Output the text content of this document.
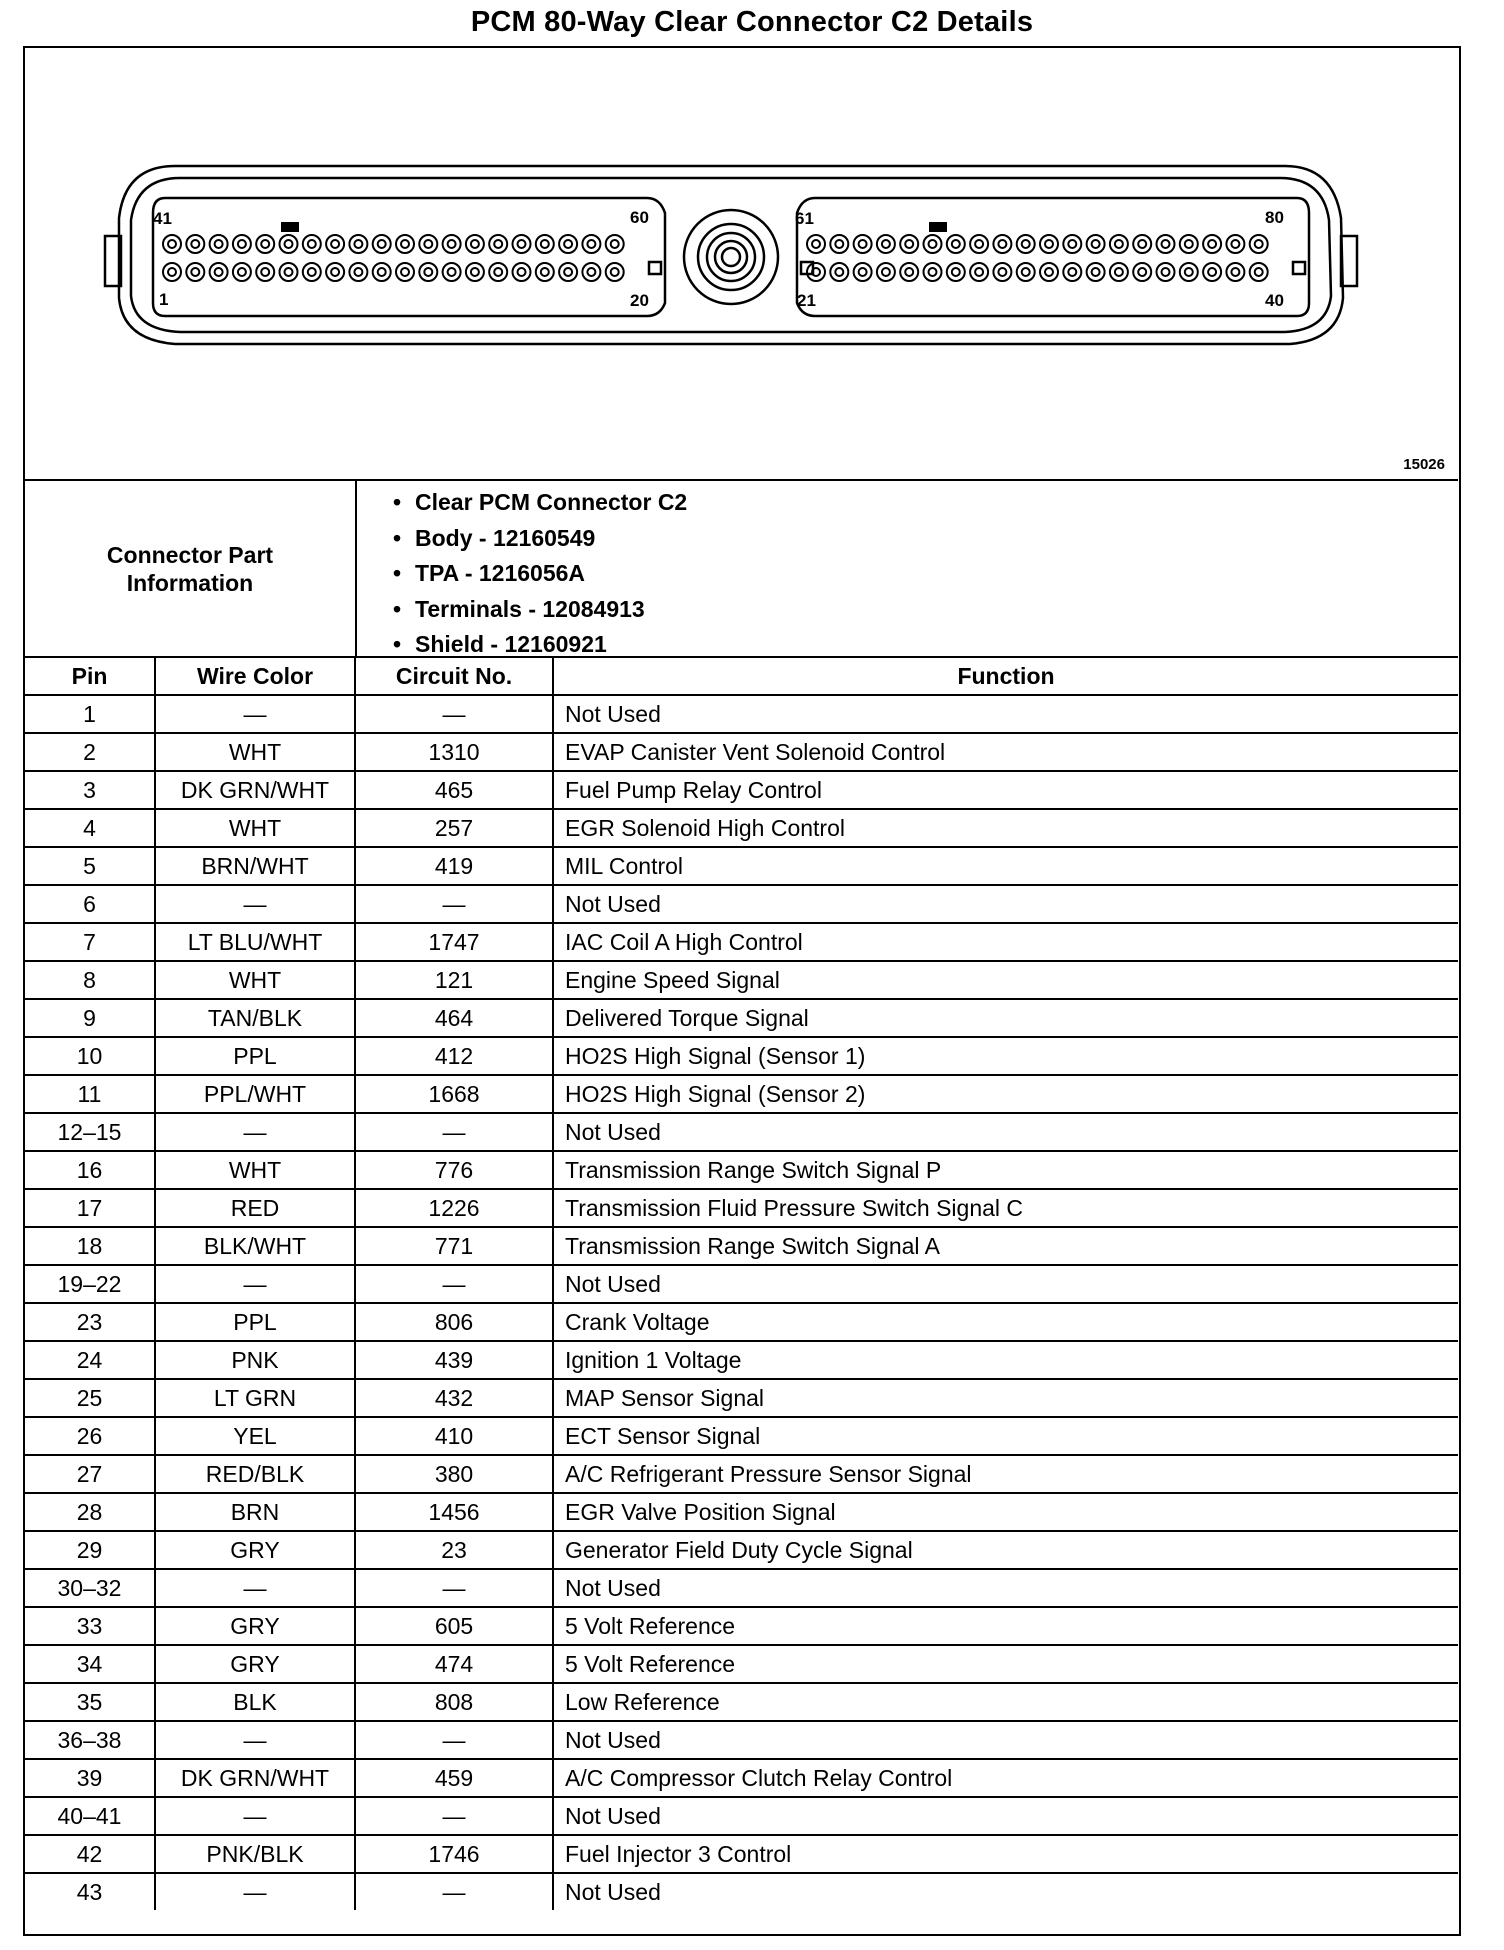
PCM 80-Way Clear Connector C2 Details
41	60
1	20
61	80
21	40
15026
Connector Part
Information
• Clear PCM Connector C2
• Body - 12160549
• TPA - 1216056A
• Terminals - 12084913
• Shield - 12160921
Pin	Wire Color	Circuit No.	Function
1	—	—	Not Used
2	WHT	1310	EVAP Canister Vent Solenoid Control
3	DK GRN/WHT	465	Fuel Pump Relay Control
4	WHT	257	EGR Solenoid High Control
5	BRN/WHT	419	MIL Control
6	—	—	Not Used
7	LT BLU/WHT	1747	IAC Coil A High Control
8	WHT	121	Engine Speed Signal
9	TAN/BLK	464	Delivered Torque Signal
10	PPL	412	HO2S High Signal (Sensor 1)
11	PPL/WHT	1668	HO2S High Signal (Sensor 2)
12–15	—	—	Not Used
16	WHT	776	Transmission Range Switch Signal P
17	RED	1226	Transmission Fluid Pressure Switch Signal C
18	BLK/WHT	771	Transmission Range Switch Signal A
19–22	—	—	Not Used
23	PPL	806	Crank Voltage
24	PNK	439	Ignition 1 Voltage
25	LT GRN	432	MAP Sensor Signal
26	YEL	410	ECT Sensor Signal
27	RED/BLK	380	A/C Refrigerant Pressure Sensor Signal
28	BRN	1456	EGR Valve Position Signal
29	GRY	23	Generator Field Duty Cycle Signal
30–32	—	—	Not Used
33	GRY	605	5 Volt Reference
34	GRY	474	5 Volt Reference
35	BLK	808	Low Reference
36–38	—	—	Not Used
39	DK GRN/WHT	459	A/C Compressor Clutch Relay Control
40–41	—	—	Not Used
42	PNK/BLK	1746	Fuel Injector 3 Control
43	—	—	Not Used
